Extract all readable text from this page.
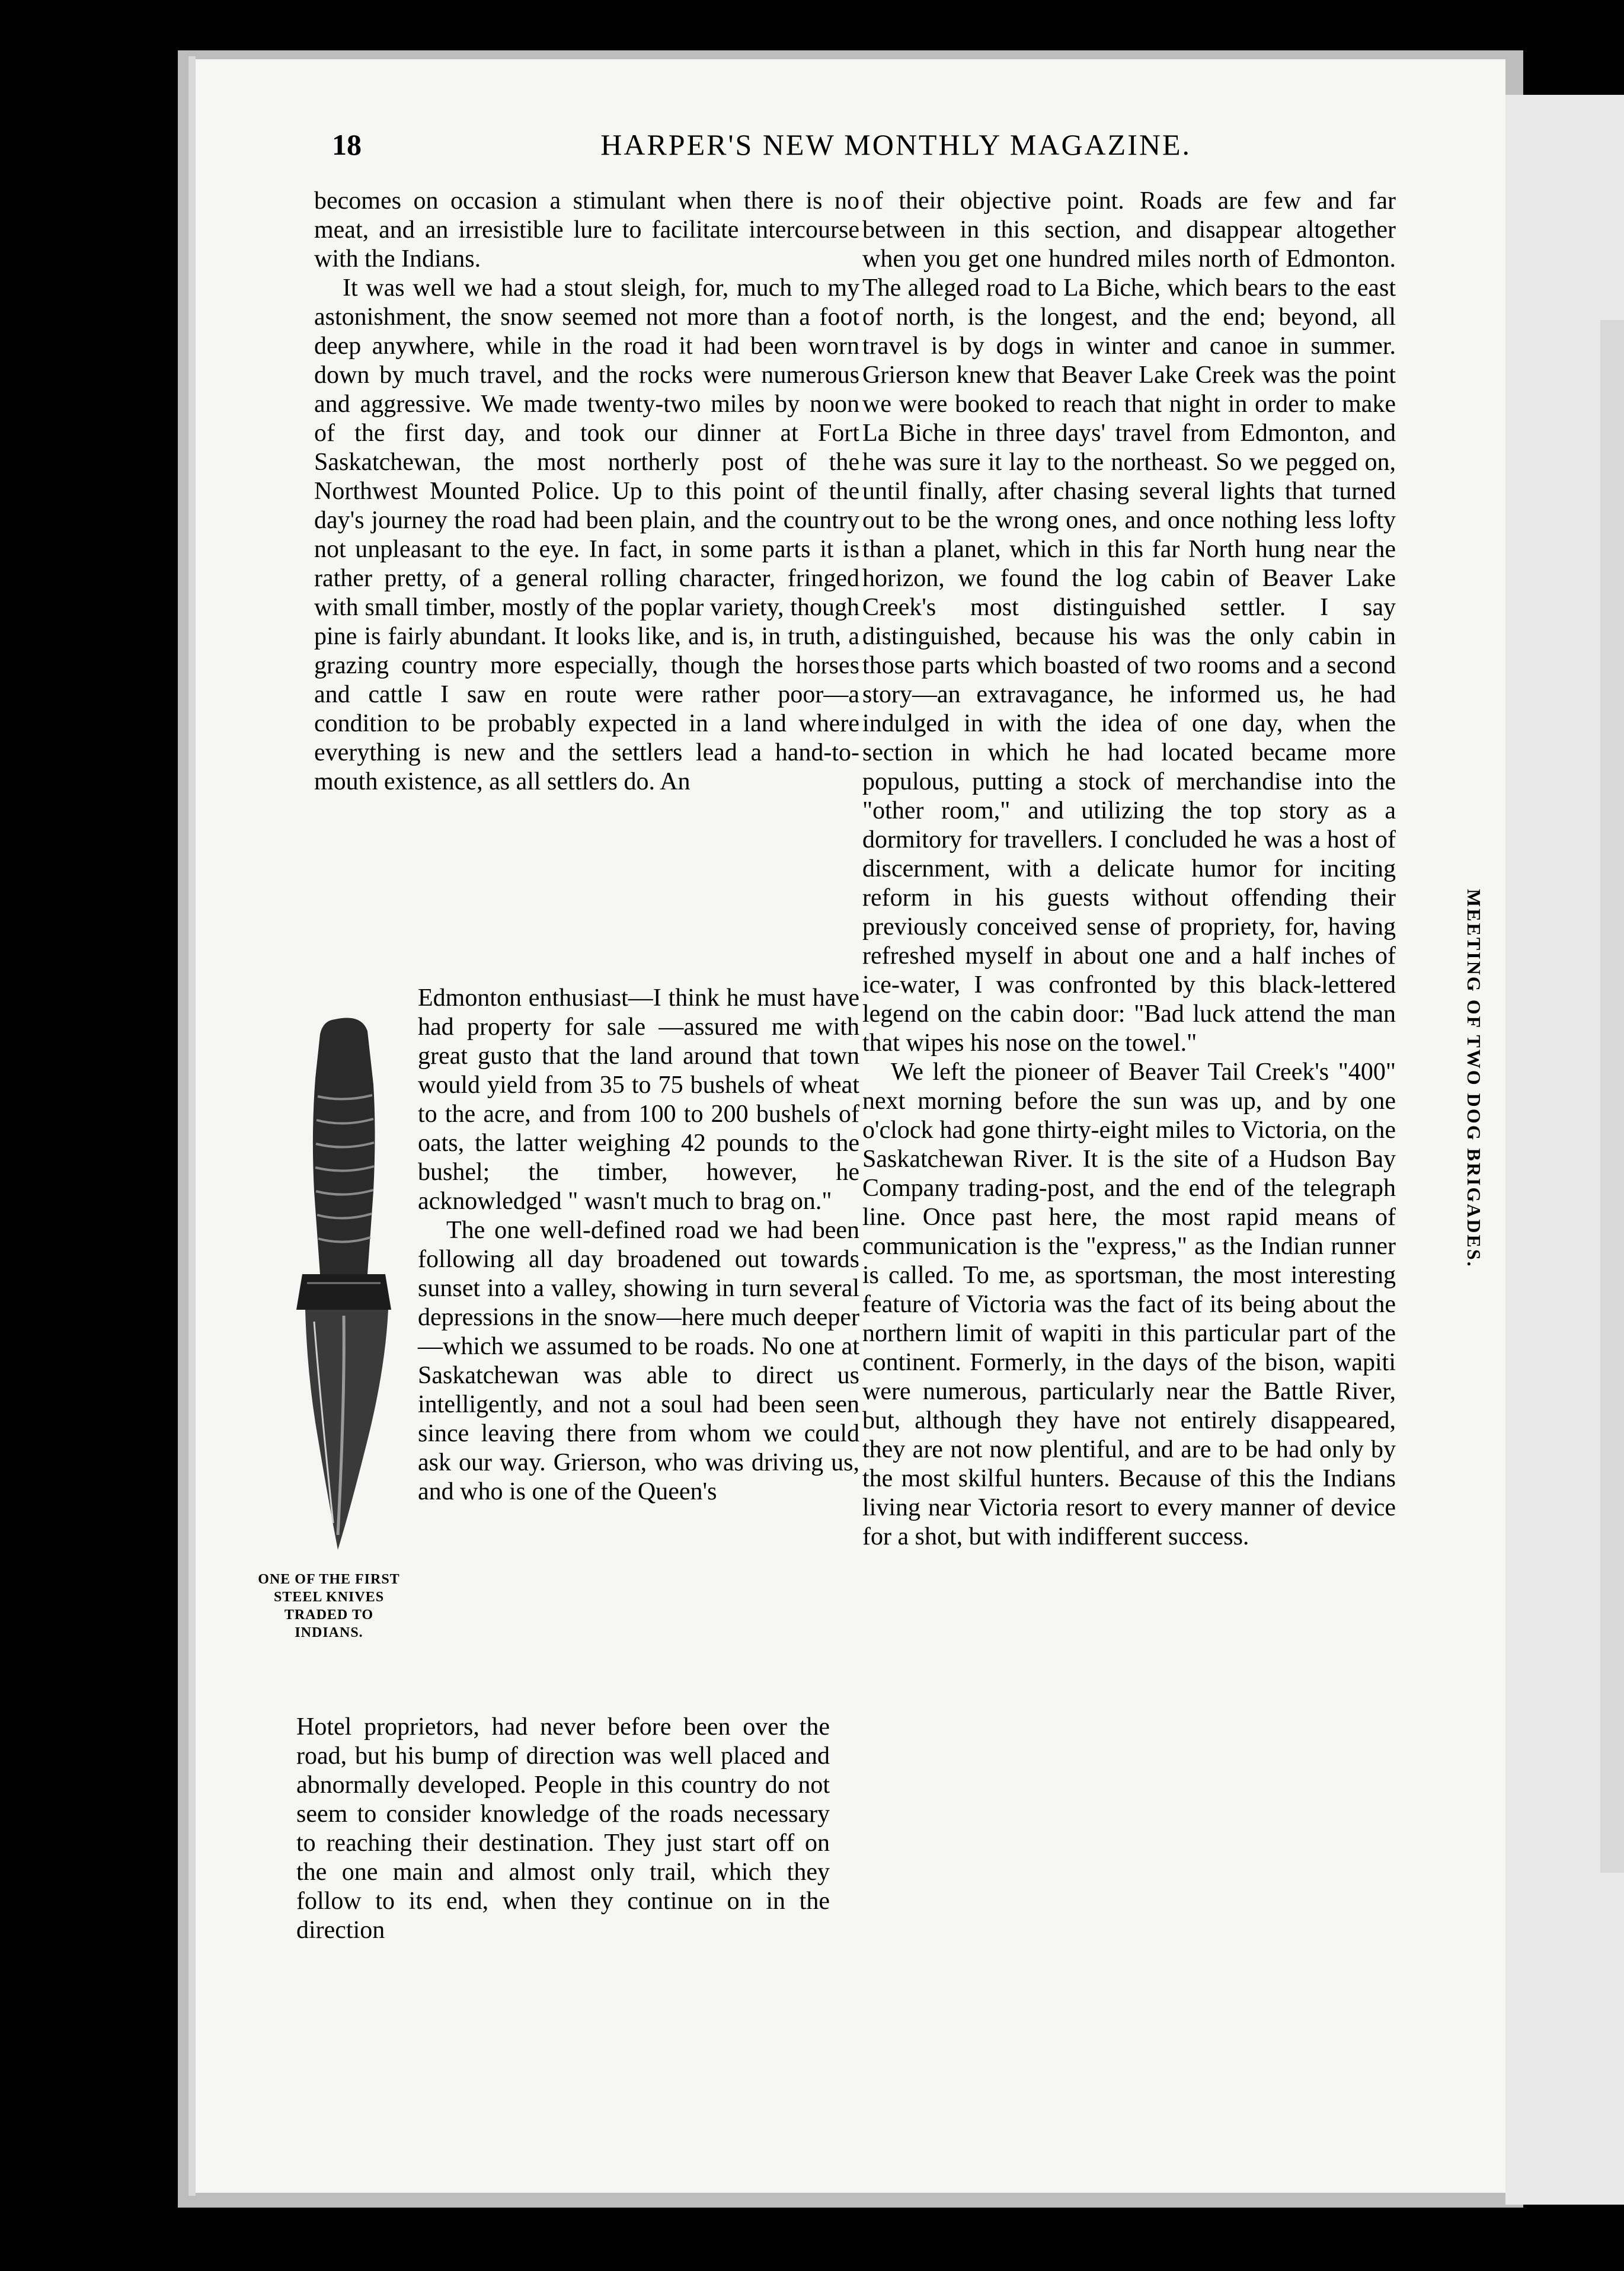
18	HARPER'S NEW MONTHLY MAGAZINE.

becomes on occasion a stimulant when there is no meat, and an irresistible lure to facilitate intercourse with the Indians.

It was well we had a stout sleigh, for, much to my astonishment, the snow seemed not more than a foot deep anywhere, while in the road it had been worn down by much travel, and the rocks were numerous and aggressive. We made twenty-two miles by noon of the first day, and took our dinner at Fort Saskatchewan, the most northerly post of the Northwest Mounted Police. Up to this point of the day's journey the road had been plain, and the country not unpleasant to the eye. In fact, in some parts it is rather pretty, of a general rolling character, fringed with small timber, mostly of the poplar variety, though pine is fairly abundant. It looks like, and is, in truth, a grazing country more especially, though the horses and cattle I saw en route were rather poor—a condition to be probably expected in a land where everything is new and the settlers lead a hand-to-mouth existence, as all settlers do. An

Edmonton enthusiast—I think he must have had property for sale —assured me with great gusto that the land around that town would yield from 35 to 75 bushels of wheat to the acre, and from 100 to 200 bushels of oats, the latter weighing 42 pounds to the bushel; the timber, however, he acknowledged " wasn't much to brag on."

The one well-defined road we had been following all day broadened out towards sunset into a valley, showing in turn several depressions in the snow—here much deeper—which we assumed to be roads. No one at Saskatchewan was able to direct us intelligently, and not a soul had been seen since leaving there from whom we could ask our way. Grierson, who was driving us, and who is one of the Queen's

Hotel proprietors, had never before been over the road, but his bump of direction was well placed and abnormally developed. People in this country do not seem to consider knowledge of the roads necessary to reaching their destination. They just start off on the one main and almost only trail, which they follow to its end, when they continue on in the direction

of their objective point. Roads are few and far between in this section, and disappear altogether when you get one hundred miles north of Edmonton. The alleged road to La Biche, which bears to the east of north, is the longest, and the end; beyond, all travel is by dogs in winter and canoe in summer. Grierson knew that Beaver Lake Creek was the point we were booked to reach that night in order to make La Biche in three days' travel from Edmonton, and he was sure it lay to the northeast. So we pegged on, until finally, after chasing several lights that turned out to be the wrong ones, and once nothing less lofty than a planet, which in this far North hung near the horizon, we found the log cabin of Beaver Lake Creek's most distinguished settler. I say distinguished, because his was the only cabin in those parts which boasted of two rooms and a second story—an extravagance, he informed us, he had indulged in with the idea of one day, when the section in which he had located became more populous, putting a stock of merchandise into the "other room," and utilizing the top story as a dormitory for travellers. I concluded he was a host of discernment, with a delicate humor for inciting reform in his guests without offending their previously conceived sense of propriety, for, having refreshed myself in about one and a half inches of ice-water, I was confronted by this black-lettered legend on the cabin door: "Bad luck attend the man that wipes his nose on the towel."

We left the pioneer of Beaver Tail Creek's "400" next morning before the sun was up, and by one o'clock had gone thirty-eight miles to Victoria, on the Saskatchewan River. It is the site of a Hudson Bay Company trading-post, and the end of the telegraph line. Once past here, the most rapid means of communication is the "express," as the Indian runner is called. To me, as sportsman, the most interesting feature of Victoria was the fact of its being about the northern limit of wapiti in this particular part of the continent. Formerly, in the days of the bison, wapiti were numerous, particularly near the Battle River, but, although they have not entirely disappeared, they are not now plentiful, and are to be had only by the most skilful hunters. Because of this the Indians living near Victoria resort to every manner of device for a shot, but with indifferent success.

ONE OF THE FIRST STEEL KNIVES TRADED TO INDIANS.
MEETING OF TWO DOG BRIGADES.
